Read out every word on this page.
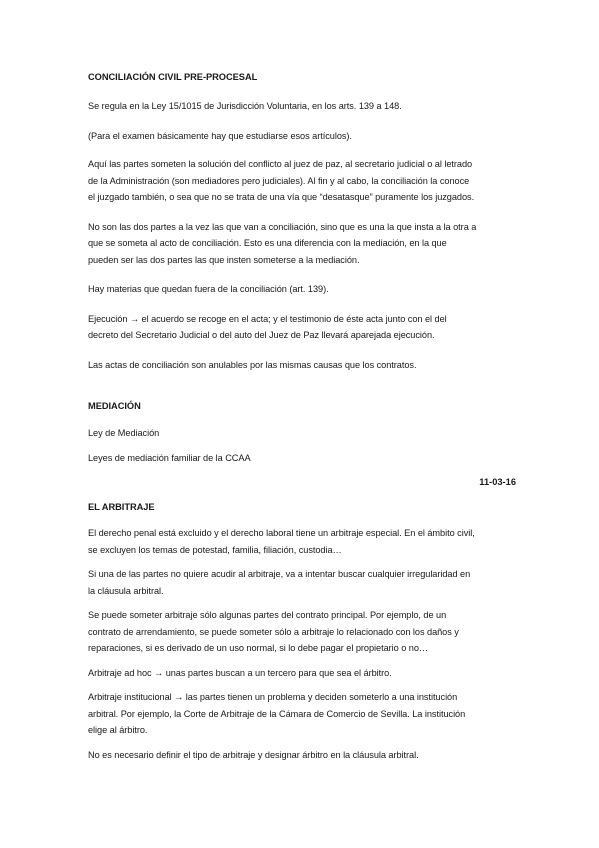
CONCILIACIÓN CIVIL PRE-PROCESAL

Se regula en la Ley 15/1015 de Jurisdicción Voluntaria, en los arts. 139 a 148.

(Para el examen básicamente hay que estudiarse esos artículos).

Aquí las partes someten la solución del conflicto al juez de paz, al secretario judicial o al letrado
de la Administración (son mediadores pero judiciales). Al fin y al cabo, la conciliación la conoce
el juzgado también, o sea que no se trata de una vía que “desatasque” puramente los juzgados.

No son las dos partes a la vez las que van a conciliación, sino que es una la que insta a la otra a
que se someta al acto de conciliación. Esto es una diferencia con la mediación, en la que
pueden ser las dos partes las que insten someterse a la mediación.

Hay materias que quedan fuera de la conciliación (art. 139).

Ejecución → el acuerdo se recoge en el acta; y el testimonio de éste acta junto con el del
decreto del Secretario Judicial o del auto del Juez de Paz llevará aparejada ejecución.

Las actas de conciliación son anulables por las mismas causas que los contratos.

MEDIACIÓN

Ley de Mediación

Leyes de mediación familiar de la CCAA

11-03-16
EL ARBITRAJE

El derecho penal está excluido y el derecho laboral tiene un arbitraje especial. En el ámbito civil,
se excluyen los temas de potestad, familia, filiación, custodia…

Si una de las partes no quiere acudir al arbitraje, va a intentar buscar cualquier irregularidad en
la cláusula arbitral.

Se puede someter arbitraje sólo algunas partes del contrato principal. Por ejemplo, de un
contrato de arrendamiento, se puede someter sólo a arbitraje lo relacionado con los daños y
reparaciones, si es derivado de un uso normal, si lo debe pagar el propietario o no…

Arbitraje ad hoc → unas partes buscan a un tercero para que sea el árbitro.

Arbitraje institucional → las partes tienen un problema y deciden someterlo a una institución
arbitral. Por ejemplo, la Corte de Arbitraje de la Cámara de Comercio de Sevilla. La institución
elige al árbitro.

No es necesario definir el tipo de arbitraje y designar árbitro en la cláusula arbitral.
